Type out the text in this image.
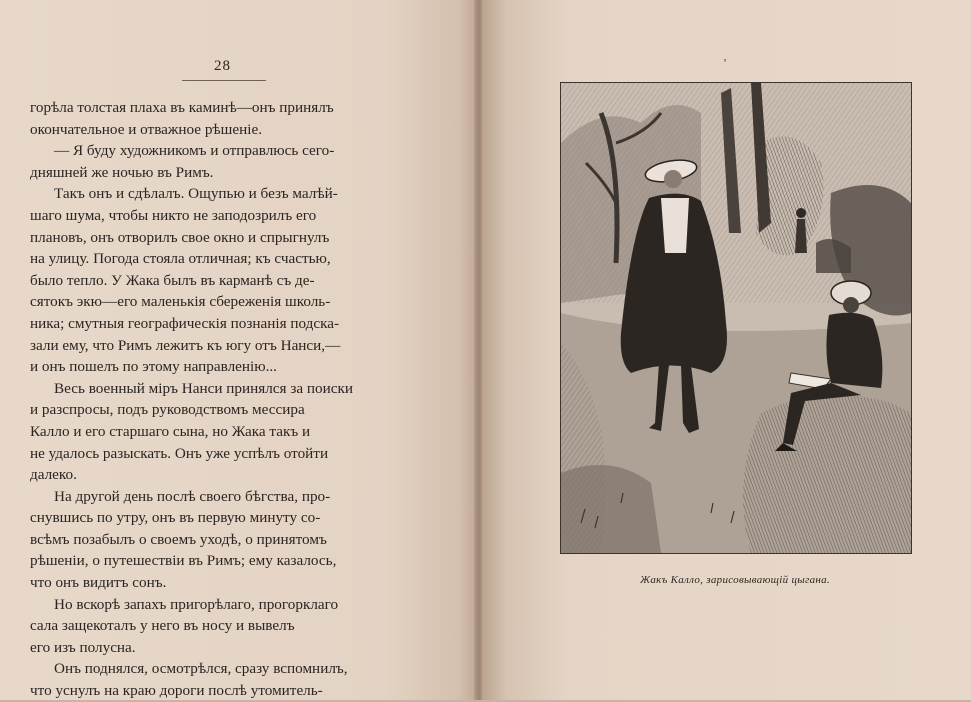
28
горѣла толстая плаха въ каминѣ—онъ принялъ
окончательное и отважное рѣшеніе.
— Я буду художникомъ и отправлюсь сего-
дняшней же ночью въ Римъ.
Такъ онъ и сдѣлалъ. Ощупью и безъ малѣй-
шаго шума, чтобы никто не заподозрилъ его
плановъ, онъ отворилъ свое окно и спрыгнулъ
на улицу. Погода стояла отличная; къ счастью,
было тепло. У Жака былъ въ карманѣ съ де-
сятокъ экю—его маленькія сбереженія школь-
ника; смутныя географическія познанія подска-
зали ему, что Римъ лежитъ къ югу отъ Нанси,—
и онъ пошелъ по этому направленію...
Весь военный міръ Нанси принялся за поиски
и разспросы, подъ руководствомъ мессира
Калло и его старшаго сына, но Жака такъ и
не удалось разыскать. Онъ уже успѣлъ отойти
далеко.
На другой день послѣ своего бѣгства, про-
снувшись по утру, онъ въ первую минуту со-
всѣмъ позабылъ о своемъ уходѣ, о принятомъ
рѣшеніи, о путешествіи въ Римъ; ему казалось,
что онъ видитъ сонъ.
Но вскорѣ запахъ пригорѣлаго, прогорклаго
сала защекоталъ у него въ носу и вывелъ
его изъ полусна.
Онъ поднялся, осмотрѣлся, сразу вспомнилъ,
что уснулъ на краю дороги послѣ утомитель-
ʼ
Жакъ Калло, зарисовывающій цыгана.
